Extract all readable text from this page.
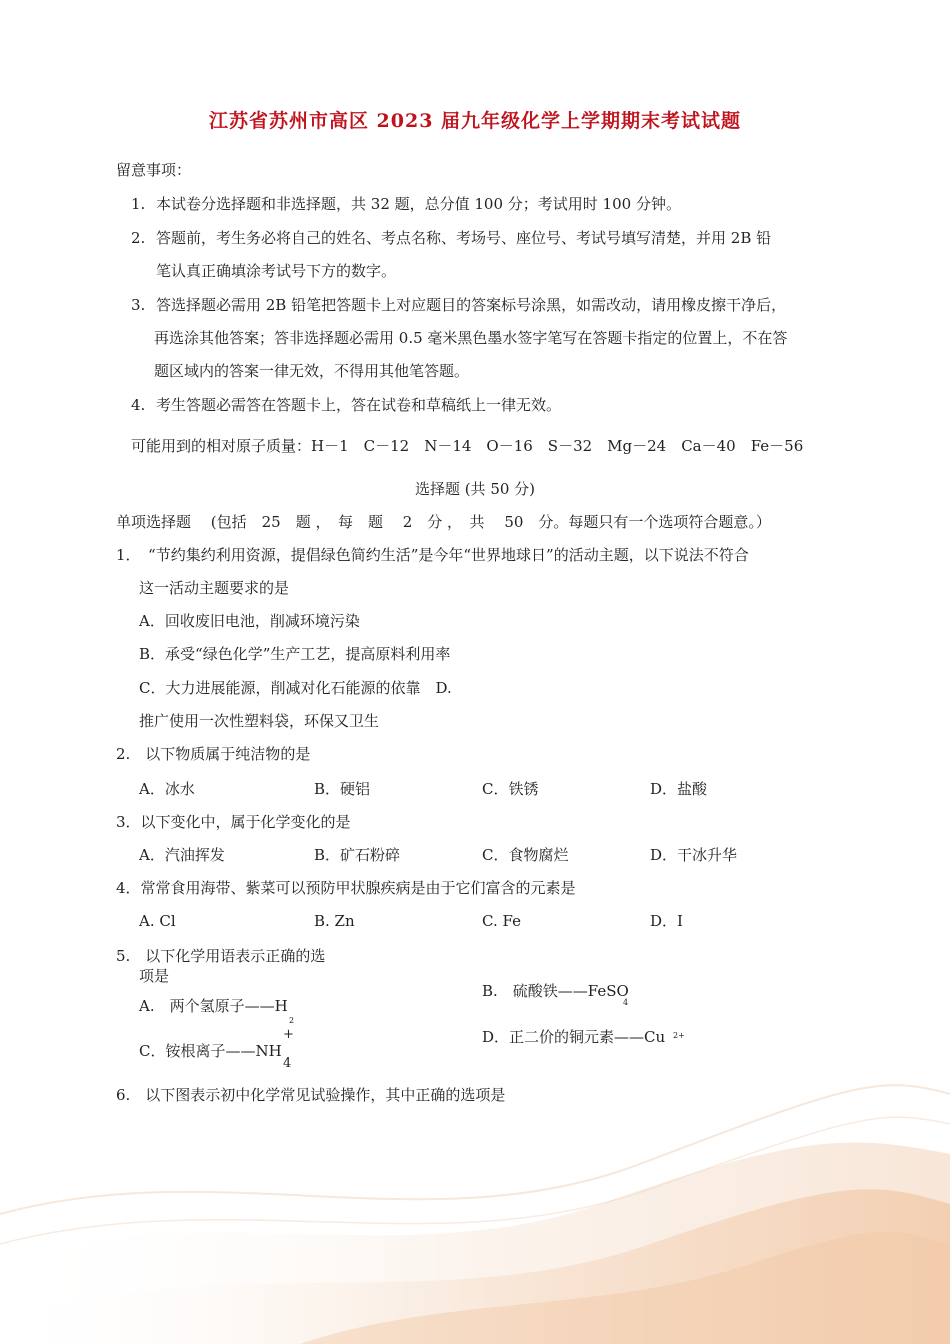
江苏省苏州市高区 2023 届九年级化学上学期期末考试试题
留意事项：
1. 本试卷分选择题和非选择题，共 32 题，总分值 100 分；考试用时 100 分钟。
2. 答题前，考生务必将自己的姓名、考点名称、考场号、座位号、考试号填写清楚，并用 2B 铅
笔认真正确填涂考试号下方的数字。
3. 答选择题必需用 2B 铅笔把答题卡上对应题目的答案标号涂黑，如需改动，请用橡皮擦干净后，
再选涂其他答案；答非选择题必需用 0.5 毫米黑色墨水签字笔写在答题卡指定的位置上，不在答
题区域内的答案一律无效，不得用其他笔答题。
4. 考生答题必需答在答题卡上，答在试卷和草稿纸上一律无效。
可能用到的相对原子质量：H－1　C－12　N－14　O－16　S－32　Mg－24　Ca－40　Fe－56
选择题 (共 50 分)
单项选择题　 (包括　25　题 ，　每　题　 2　分 ，　共　 50　分。每题只有一个选项符合题意。）
1．　“节约集约利用资源，提倡绿色简约生活”是今年“世界地球日”的活动主题，以下说法不符合
这一活动主题要求的是
A．回收废旧电池，削减环境污染
B．承受“绿色化学”生产工艺，提高原料利用率
C．大力进展能源，削减对化石能源的依靠　D.
推广使用一次性塑料袋，环保又卫生
2.　以下物质属于纯洁物的是
A．冰水	B．硬铝	C．铁锈	D．盐酸
3．以下变化中，属于化学变化的是
A．汽油挥发	B．矿石粉碎	C．食物腐烂	D．干冰升华
4．常常食用海带、紫菜可以预防甲状腺疾病是由于它们富含的元素是
A. Cl	B. Zn	C. Fe	D．I
5.　以下化学用语表示正确的选
项是
A.　两个氢原子——H
2
B.　硫酸铁——FeSO
4
C．铵根离子——NH
+
4
D．正二价的铜元素——Cu 2+
6.　以下图表示初中化学常见试验操作，其中正确的选项是
